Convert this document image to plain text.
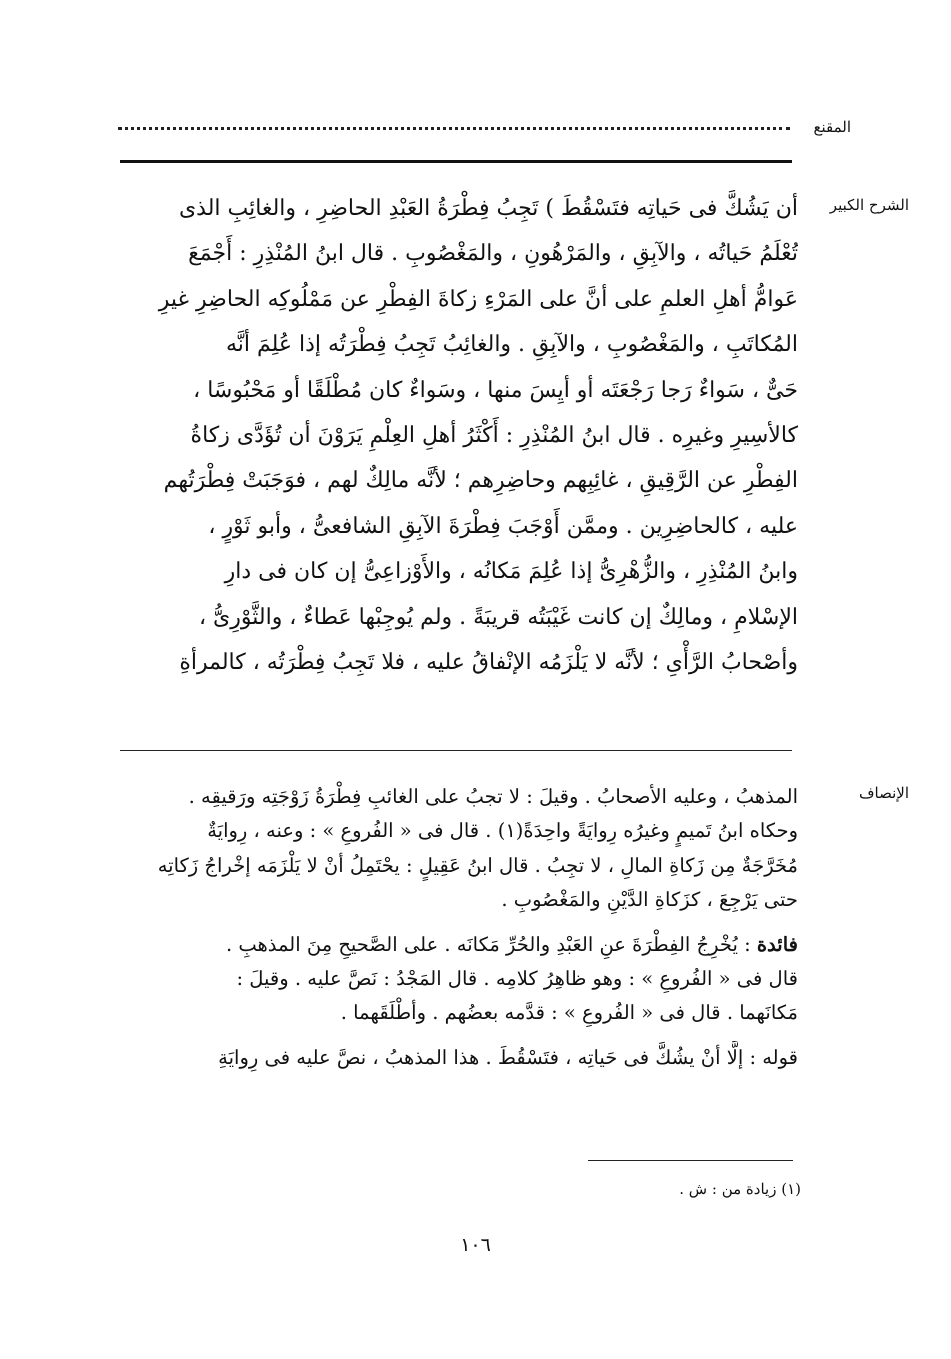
المقنع
الشرح الكبير
أن يَشُكَّ فى حَياتِه فتَسْقُطَ ) تَجِبُ فِطْرَةُ العَبْدِ الحاضِرِ ، والغائِبِ الذى
تُعْلَمُ حَياتُه ، والآبِقِ ، والمَرْهُونِ ، والمَغْصُوبِ . قال ابنُ المُنْذِرِ : أَجْمَعَ
عَوامُّ أهلِ العلمِ على أنَّ على المَرْءِ زكاةَ الفِطْرِ عن مَمْلُوكِه الحاضِرِ غيرِ
المُكاتَبِ ، والمَغْصُوبِ ، والآبِقِ . والغائِبُ تَجِبُ فِطْرَتُه إذا عُلِمَ أنَّه
حَىٌّ ، سَواءٌ رَجا رَجْعَتَه أو أيِسَ منها ، وسَواءٌ كان مُطْلَقًا أو مَحْبُوسًا ،
كالأسِيرِ وغيرِه . قال ابنُ المُنْذِرِ : أَكْثَرُ أهلِ العِلْمِ يَرَوْنَ أن تُؤَدَّى زكاةُ
الفِطْرِ عن الرَّقِيقِ ، غائِبِهم وحاضِرِهم ؛ لأنَّه مالِكٌ لهم ، فوَجَبَتْ فِطْرَتُهم
عليه ، كالحاضِرِين . وممَّن أَوْجَبَ فِطْرَةَ الآبِقِ الشافعىُّ ، وأبو ثَوْرٍ ،
وابنُ المُنْذِرِ ، والزُّهْرِىُّ إذا عُلِمَ مَكانُه ، والأَوْزاعِىُّ إن كان فى دارِ
الإسْلامِ ، ومالِكٌ إن كانت غَيْبَتُه قريبَةً . ولم يُوجِبْها عَطاءٌ ، والثَّوْرِىُّ ،
وأصْحابُ الرَّأْىِ ؛ لأنَّه لا يَلْزَمُه الإنْفاقُ عليه ، فلا تَجِبُ فِطْرَتُه ، كالمرأةِ
الإنصاف
المذهبُ ، وعليه الأصحابُ . وقيلَ : لا تجبُ على الغائبِ فِطْرَةُ زَوْجَتِه ورَقيقِه .
وحكاه ابنُ تَميمٍ وغيرُه رِوايَةً واحِدَةً(١) . قال فى « الفُروعِ » : وعنه ، رِوايَةٌ
مُخَرَّجَةٌ مِن زَكاةِ المالِ ، لا تجِبُ . قال ابنُ عَقِيلٍ : يحْتَمِلُ أنْ لا يَلْزَمَه إخْراجُ زَكاتِه
حتى يَرْجِعَ ، كزَكاةِ الدَّيْنِ والمَغْصُوبِ .
فائدة : يُخْرِجُ الفِطْرَةَ عنِ العَبْدِ والحُرِّ مَكانَه . على الصَّحيحِ مِنَ المذهبِ .
قال فى « الفُروعِ » : وهو ظاهِرُ كلامِه . قال المَجْدُ : نَصَّ عليه . وقيلَ :
مَكانَهما . قال فى « الفُروعِ » : قدَّمه بعضُهم . وأطْلَقَهما .
قوله : إلَّا أنْ يشُكَّ فى حَياتِه ، فتَسْقُطَ . هذا المذهبُ ، نصَّ عليه فى رِوايَةِ
(١) زيادة من : ش .
١٠٦
